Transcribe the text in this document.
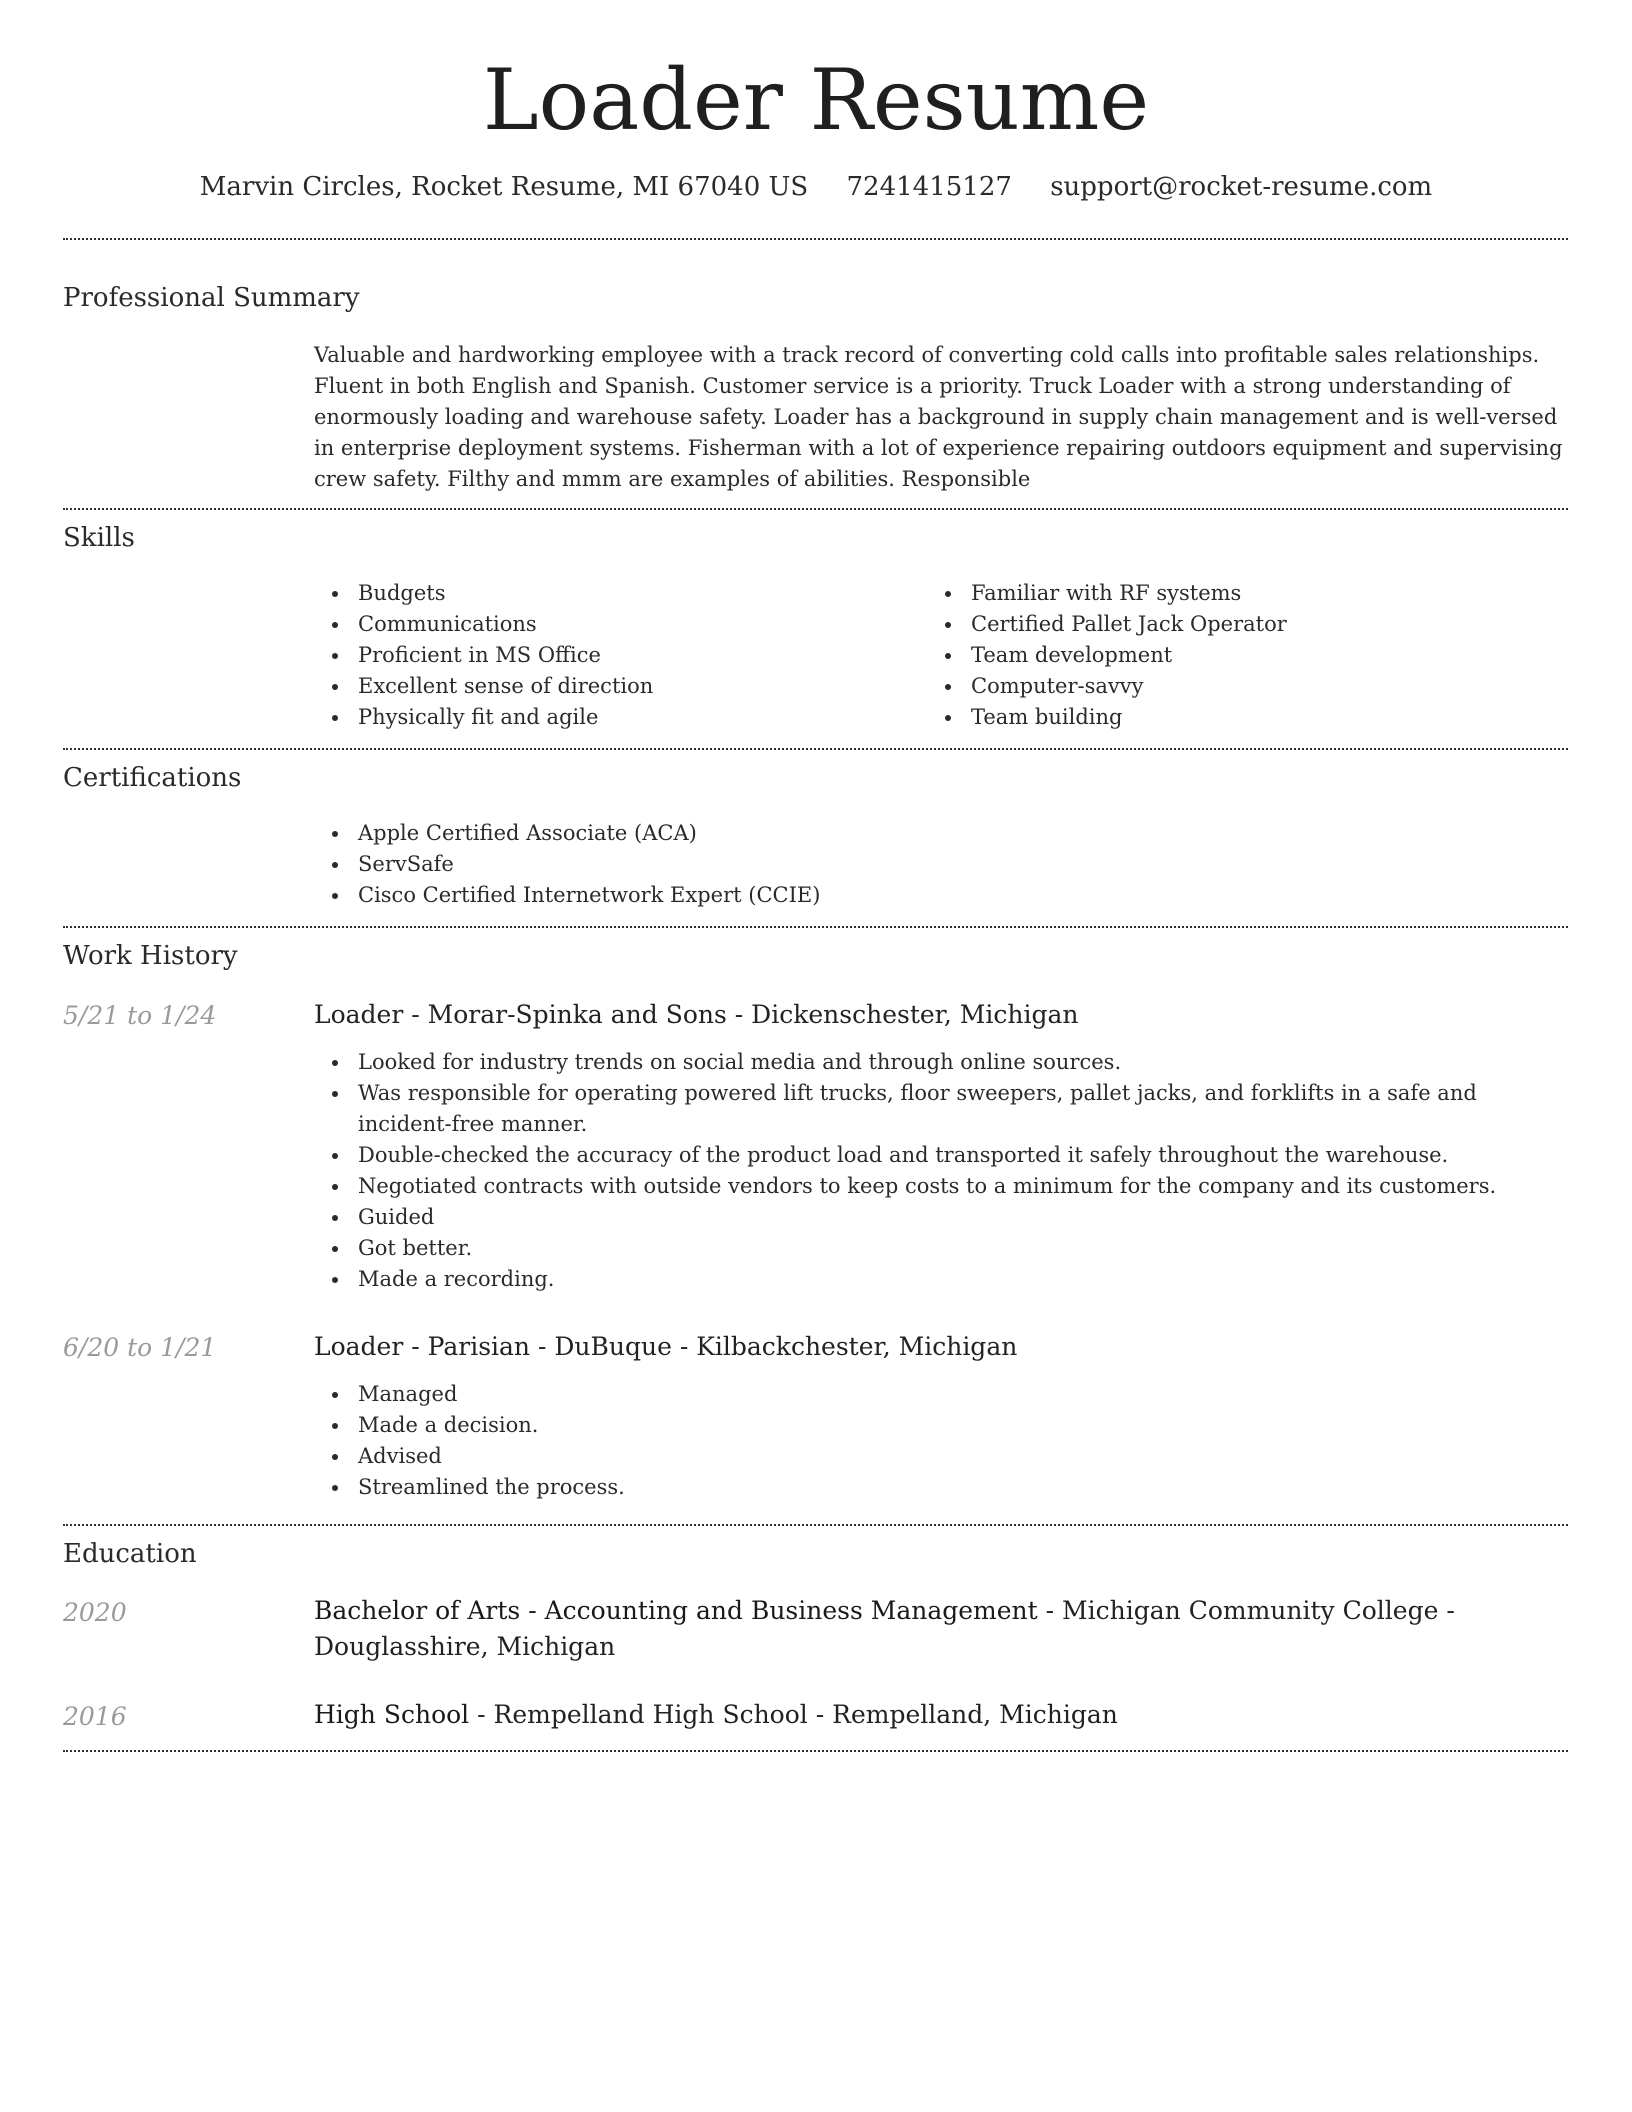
Loader Resume
Marvin Circles, Rocket Resume, MI 67040 US 7241415127 support@rocket-resume.com
Professional Summary

Valuable and hardworking employee with a track record of converting cold calls into profitable sales relationships. Fluent in both English and Spanish. Customer service is a priority. Truck Loader with a strong understanding of enormously loading and warehouse safety. Loader has a background in supply chain management and is well-versed in enterprise deployment systems. Fisherman with a lot of experience repairing outdoors equipment and supervising crew safety. Filthy and mmm are examples of abilities. Responsible

Skills
Budgets
Communications
Proficient in MS Office
Excellent sense of direction
Physically fit and agile
Familiar with RF systems
Certified Pallet Jack Operator
Team development
Computer-savvy
Team building
Certifications
Apple Certified Associate (ACA)
ServSafe
Cisco Certified Internetwork Expert (CCIE)
Work History
5/21 to 1/24	Loader - Morar-Spinka and Sons - Dickenschester, Michigan
Looked for industry trends on social media and through online sources.
Was responsible for operating powered lift trucks, floor sweepers, pallet jacks, and forklifts in a safe and incident-free manner.
Double-checked the accuracy of the product load and transported it safely throughout the warehouse.
Negotiated contracts with outside vendors to keep costs to a minimum for the company and its customers.
Guided
Got better.
Made a recording.
6/20 to 1/21	Loader - Parisian - DuBuque - Kilbackchester, Michigan
Managed
Made a decision.
Advised
Streamlined the process.
Education
2020	Bachelor of Arts - Accounting and Business Management - Michigan Community College - Douglasshire, Michigan
2016	High School - Rempelland High School - Rempelland, Michigan
